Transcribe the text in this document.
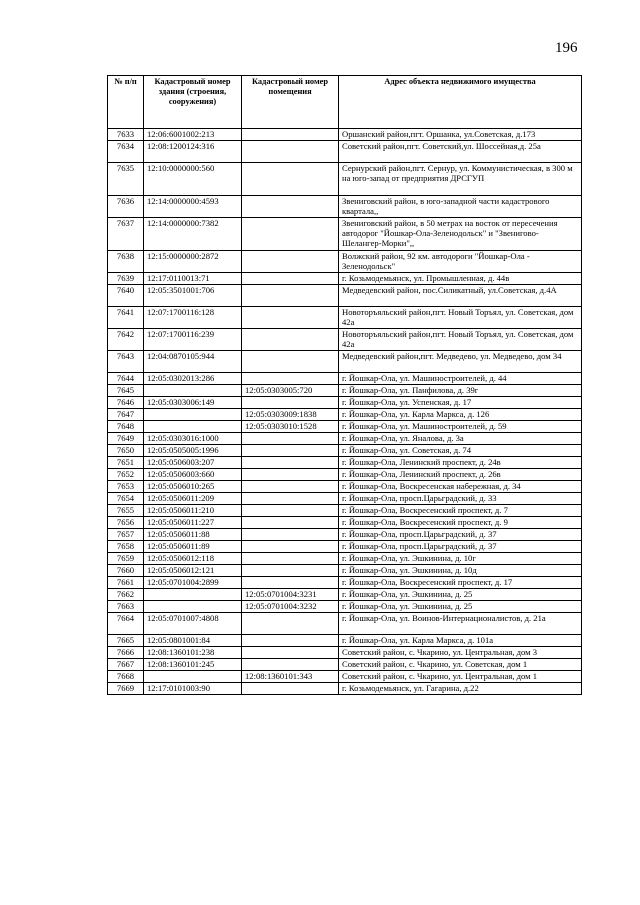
196
№ п/п	Кадастровый номер здания (строения, сооружения)	Кадастровый номер помещения	Адрес объекта недвижимого имущества
7633	12:06:6001002:213		Оршанский район,пгт. Оршанка, ул.Советская, д.173
7634	12:08:1200124:316		Советский район,пгт. Советский,ул. Шоссейная,д. 25а
7635	12:10:0000000:560		Сернурский район,пгт. Сернур, ул. Коммунистическая, в 300 м на юго-запад от предприятия ДРСГУП
7636	12:14:0000000:4593		Звениговский район, в юго-западной части кадастрового квартала,,
7637	12:14:0000000:7382		Звениговский район, в 50 метрах на восток от пересечения автодорог "Йошкар-Ола-Зеленодольск" и "Звенигово-Шелангер-Морки",,
7638	12:15:0000000:2872		Волжский район, 92 км. автодороги "Йошкар-Ола - Зеленодольск"
7639	12:17:0110013:71		г. Козьмодемьянск, ул. Промышленная, д. 44в
7640	12:05:3501001:706		Медведевский район, пос.Силикатный, ул.Советская, д.4А
7641	12:07:1700116:128		Новоторъяльский район,пгт. Новый Торъял, ул. Советская, дом 42а
7642	12:07:1700116:239		Новоторъяльский район,пгт. Новый Торъял, ул. Советская, дом 42а
7643	12:04:0870105:944		Медведевский район,пгт. Медведево, ул. Медведево, дом 34
7644	12:05:0302013:286		г. Йошкар-Ола, ул. Машиностроителей, д. 44
7645		12:05:0303005:720	г. Йошкар-Ола, ул. Панфилова, д. 39г
7646	12:05:0303006:149		г. Йошкар-Ола, ул. Успенская, д. 17
7647		12:05:0303009:1838	г. Йошкар-Ола, ул. Карла Маркса, д. 126
7648		12:05:0303010:1528	г. Йошкар-Ола, ул. Машиностроителей, д. 59
7649	12:05:0303016:1000		г. Йошкар-Ола, ул. Яналова, д. 3а
7650	12:05:0505005:1996		г. Йошкар-Ола, ул. Советская, д. 74
7651	12:05:0506003:207		г. Йошкар-Ола, Ленинский проспект, д. 24в
7652	12:05:0506003:660		г. Йошкар-Ола, Ленинский проспект, д. 26в
7653	12:05:0506010:265		г. Йошкар-Ола, Воскресенская набережная, д. 34
7654	12:05:0506011:209		г. Йошкар-Ола, просп.Царьградский, д. 33
7655	12:05:0506011:210		г. Йошкар-Ола, Воскресенский проспект, д. 7
7656	12:05:0506011:227		г. Йошкар-Ола, Воскресенский проспект, д. 9
7657	12:05:0506011:88		г. Йошкар-Ола, просп.Царьградский, д. 37
7658	12:05:0506011:89		г. Йошкар-Ола, просп.Царьградский, д. 37
7659	12:05:0506012:118		г. Йошкар-Ола, ул. Эшкинина, д. 10г
7660	12:05:0506012:121		г. Йошкар-Ола, ул. Эшкинина, д. 10д
7661	12:05:0701004:2899		г. Йошкар-Ола, Воскресенский проспект, д. 17
7662		12:05:0701004:3231	г. Йошкар-Ола, ул. Эшкинина, д. 25
7663		12:05:0701004:3232	г. Йошкар-Ола, ул. Эшкинина, д. 25
7664	12:05:0701007:4808		г. Йошкар-Ола, ул. Воинов-Интернационалистов, д. 21а
7665	12:05:0801001:84		г. Йошкар-Ола, ул. Карла Маркса, д. 101а
7666	12:08:1360101:238		Советский район, с. Чкарино, ул. Центральная, дом 3
7667	12:08:1360101:245		Советский район, с. Чкарино, ул. Советская, дом 1
7668		12:08:1360101:343	Советский район, с. Чкарино, ул. Центральная, дом 1
7669	12:17:0101003:90		г. Козьмодемьянск, ул. Гагарина, д.22
